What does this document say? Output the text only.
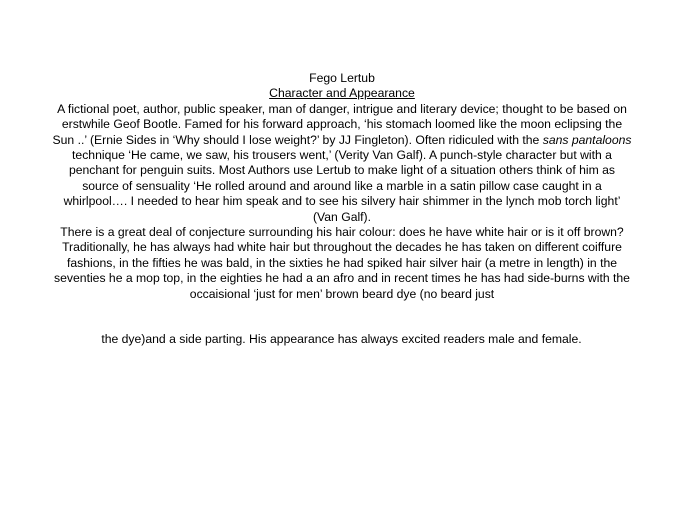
Fego Lertub

Character and Appearance

A fictional poet, author, public speaker, man of danger, intrigue and literary device; thought to be based on erstwhile Geof Bootle. Famed for his forward approach, ‘his stomach loomed like the moon eclipsing the Sun ..’ (Ernie Sides in ‘Why should I lose weight?’ by JJ Fingleton). Often ridiculed with the sans pantaloons technique ‘He came, we saw, his trousers went,’ (Verity Van Galf). A punch-style character but with a penchant for penguin suits. Most Authors use Lertub to make light of a situation others think of him as source of sensuality ‘He rolled around and around like a marble in a satin pillow case caught in a whirlpool…. I needed to hear him speak and to see his silvery hair shimmer in the lynch mob torch light’ (Van Galf).

There is a great deal of conjecture surrounding his hair colour: does he have white hair or is it off brown? Traditionally, he has always had white hair but throughout the decades he has taken on different coiffure fashions, in the fifties he was bald, in the sixties he had spiked hair silver hair (a metre in length) in the seventies he a mop top, in the eighties he had a an afro and in recent times he has had side-burns with the occaisional ‘just for men’ brown beard dye (no beard just

the dye)and a side parting. His appearance has always excited readers male and female.
